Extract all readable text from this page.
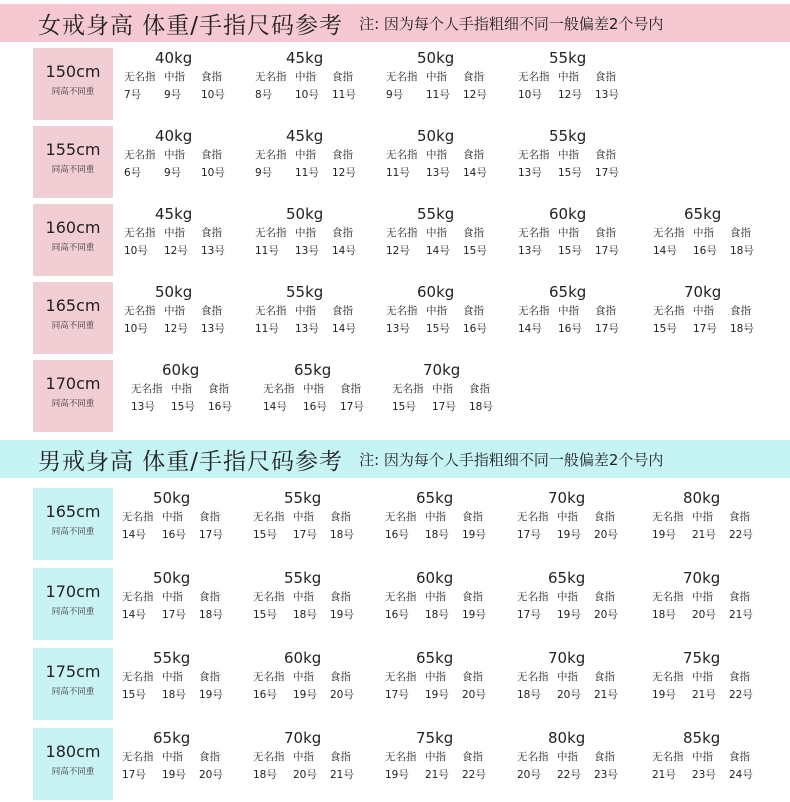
女戒身高 体重/手指尺码参考 注: 因为每个人手指粗细不同一般偏差2个号内
150cm
同高不同重
40kg
无名指 中指	食指
7号	9号	10号
45kg
无名指 中指	食指
8号	10号	11号
50kg
无名指 中指	食指
9号	11号	12号
55kg
无名指 中指	食指
10号	12号	13号
155cm
同高不同重
40kg
无名指 中指	食指
6号	9号	10号
45kg
无名指 中指	食指
9号	11号	12号
50kg
无名指 中指	食指
11号	13号	14号
55kg
无名指 中指	食指
13号	15号	17号
160cm
同高不同重
45kg
无名指 中指	食指
10号	12号	13号
50kg
无名指 中指	食指
11号	13号	14号
55kg
无名指 中指	食指
12号	14号	15号
60kg
无名指 中指	食指
13号	15号	17号
65kg
无名指 中指	食指
14号	16号	18号
165cm
同高不同重
50kg
无名指 中指	食指
10号	12号	13号
55kg
无名指 中指	食指
11号	13号	14号
60kg
无名指 中指	食指
13号	15号	16号
65kg
无名指 中指	食指
14号	16号	17号
70kg
无名指 中指	食指
15号	17号	18号
170cm
同高不同重
60kg
无名指 中指	食指
13号	15号	16号
65kg
无名指 中指	食指
14号	16号	17号
70kg
无名指 中指	食指
15号	17号	18号
男戒身高 体重/手指尺码参考 注: 因为每个人手指粗细不同一般偏差2个号内
165cm
同高不同重
50kg
无名指 中指	食指
14号	16号	17号
55kg
无名指 中指	食指
15号	17号	18号
65kg
无名指 中指	食指
16号	18号	19号
70kg
无名指 中指	食指
17号	19号	20号
80kg
无名指 中指	食指
19号	21号	22号
170cm
同高不同重
50kg
无名指 中指	食指
14号	17号	18号
55kg
无名指 中指	食指
15号	18号	19号
60kg
无名指 中指	食指
16号	18号	19号
65kg
无名指 中指	食指
17号	19号	20号
70kg
无名指 中指	食指
18号	20号	21号
175cm
同高不同重
55kg
无名指 中指	食指
15号	18号	19号
60kg
无名指 中指	食指
16号	19号	20号
65kg
无名指 中指	食指
17号	19号	20号
70kg
无名指 中指	食指
18号	20号	21号
75kg
无名指 中指	食指
19号	21号	22号
180cm
同高不同重
65kg
无名指 中指	食指
17号	19号	20号
70kg
无名指 中指	食指
18号	20号	21号
75kg
无名指 中指	食指
19号	21号	22号
80kg
无名指 中指	食指
20号	22号	23号
85kg
无名指 中指	食指
21号	23号	24号
